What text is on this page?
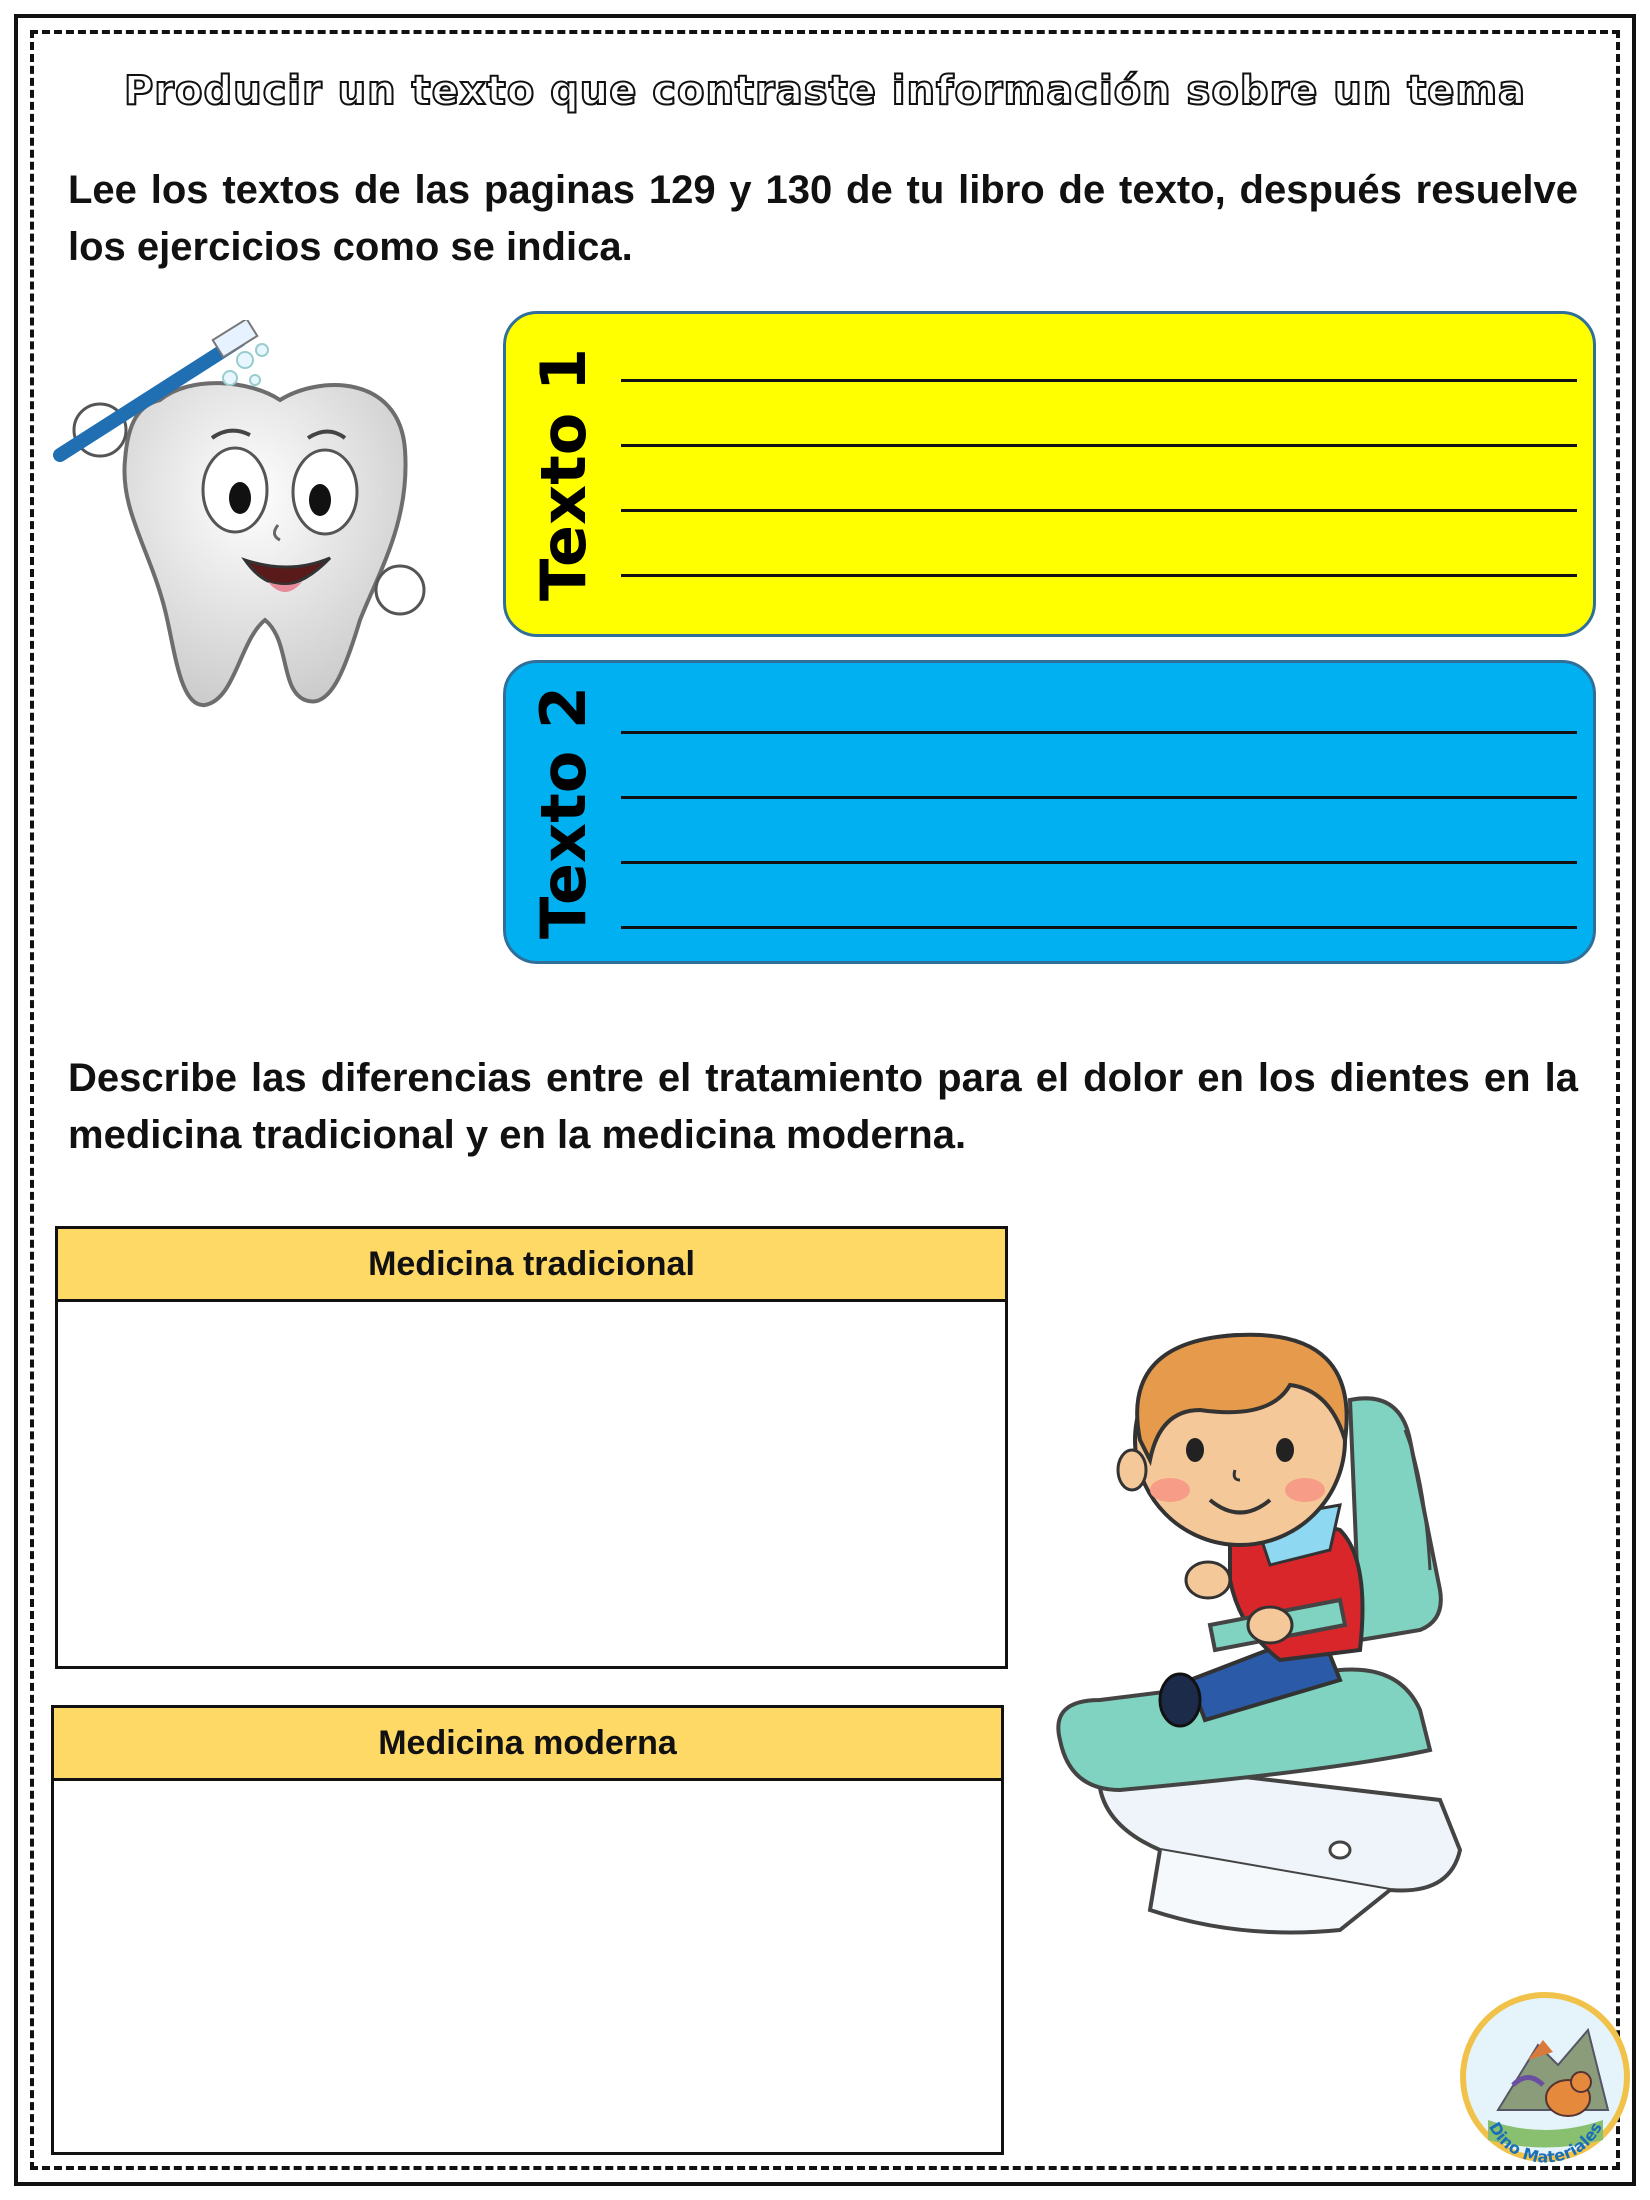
Producir un texto que contraste información sobre un tema
Lee los textos de las paginas 129 y 130 de tu libro de texto, después resuelve los ejercicios como se indica.
Texto 1
Texto 2
Describe las diferencias entre el tratamiento para el dolor en los dientes en la medicina tradicional y en la medicina moderna.
Medicina tradicional
Medicina moderna
Dino Materiales
